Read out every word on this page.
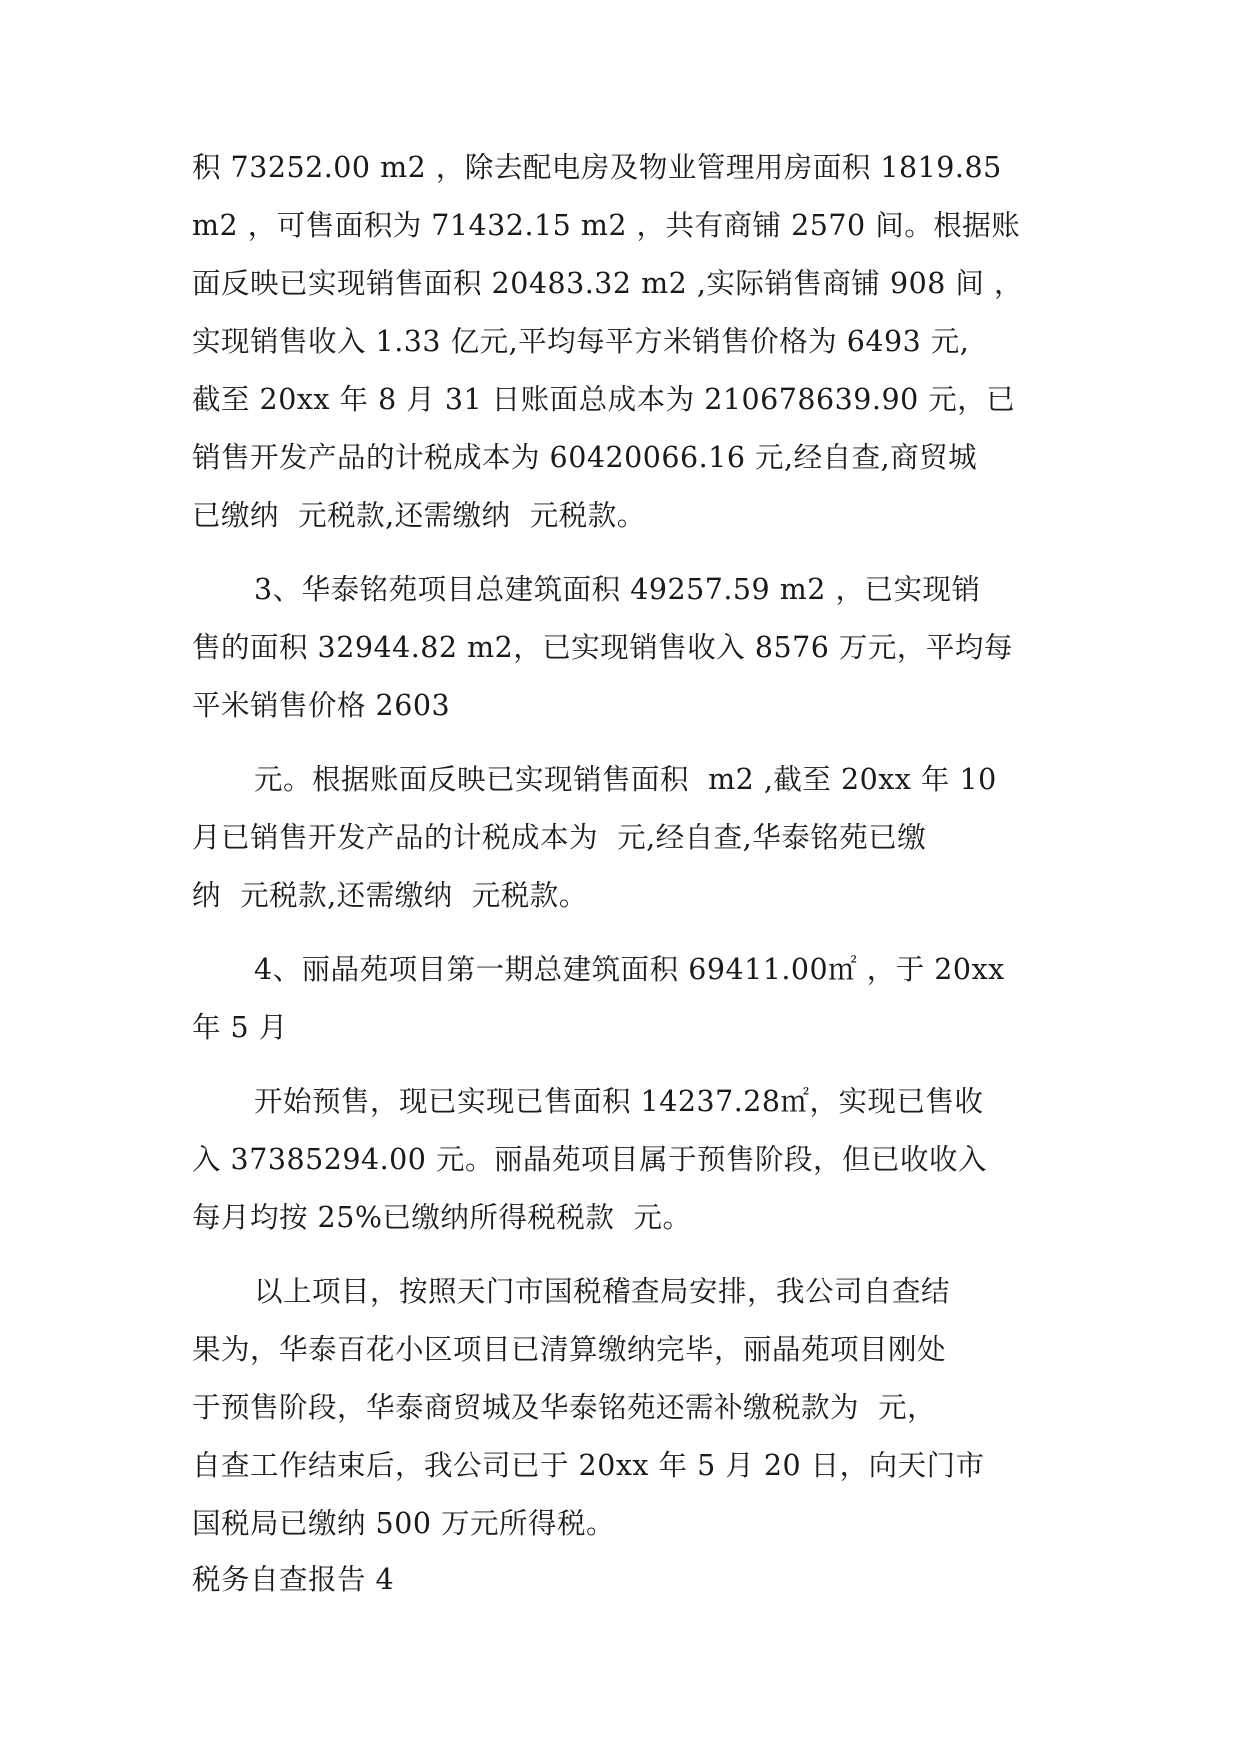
积 73252.00 m2 ，除去配电房及物业管理用房面积 1819.85
m2 ，可售面积为 71432.15 m2 ，共有商铺 2570 间。根据账
面反映已实现销售面积 20483.32 m2 ,实际销售商铺 908 间 ，
实现销售收入 1.33 亿元,平均每平方米销售价格为 6493 元,
截至 20xx 年 8 月 31 日账面总成本为 210678639.90 元，已
销售开发产品的计税成本为 60420066.16 元,经自查,商贸城
已缴纳  元税款,还需缴纳  元税款。
3、华泰铭苑项目总建筑面积 49257.59 m2 ，已实现销
售的面积 32944.82 m2，已实现销售收入 8576 万元，平均每
平米销售价格 2603
元。根据账面反映已实现销售面积  m2 ,截至 20xx 年 10
月已销售开发产品的计税成本为  元,经自查,华泰铭苑已缴
纳  元税款,还需缴纳  元税款。
4、丽晶苑项目第一期总建筑面积 69411.00㎡ ，于 20xx
年 5 月
开始预售，现已实现已售面积 14237.28㎡，实现已售收
入 37385294.00 元。丽晶苑项目属于预售阶段，但已收收入
每月均按 25%已缴纳所得税税款  元。
以上项目，按照天门市国税稽查局安排，我公司自查结
果为，华泰百花小区项目已清算缴纳完毕，丽晶苑项目刚处
于预售阶段，华泰商贸城及华泰铭苑还需补缴税款为  元，
自查工作结束后，我公司已于 20xx 年 5 月 20 日，向天门市
国税局已缴纳 500 万元所得税。
税务自查报告 4
